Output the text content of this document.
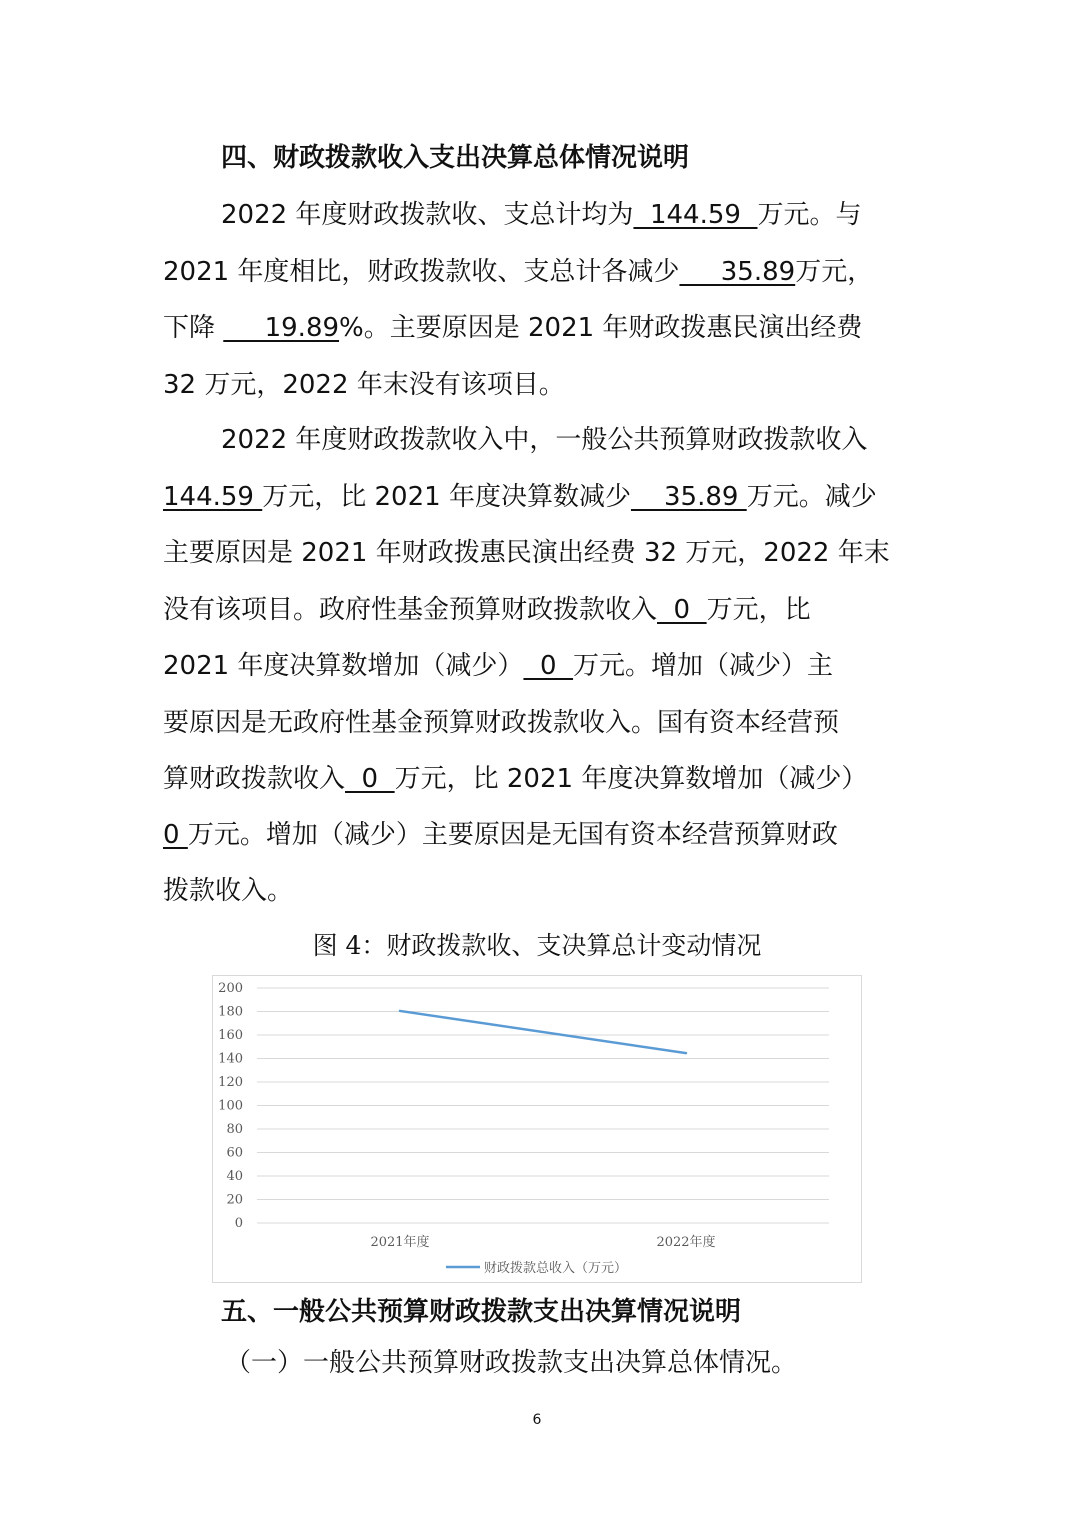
四、财政拨款收入支出决算总体情况说明
2022 年度财政拨款收、支总计均为  144.59  万元。与
2021 年度相比，财政拨款收、支总计各减少     35.89万元，
下降      19.89%。主要原因是 2021 年财政拨惠民演出经费
32 万元，2022 年末没有该项目。
2022 年度财政拨款收入中，一般公共预算财政拨款收入
144.59 万元，比 2021 年度决算数减少    35.89 万元。减少
主要原因是 2021 年财政拨惠民演出经费 32 万元，2022 年末
没有该项目。政府性基金预算财政拨款收入  0  万元，比
2021 年度决算数增加（减少）  0  万元。增加（减少）主
要原因是无政府性基金预算财政拨款收入。国有资本经营预
算财政拨款收入  0  万元，比 2021 年度决算数增加（减少）
0 万元。增加（减少）主要原因是无国有资本经营预算财政
拨款收入。
图 4：财政拨款收、支决算总计变动情况
0
20
40
60
80
100
120
140
160
180
200
2021年度	2022年度
财政拨款总收入（万元）
五、一般公共预算财政拨款支出决算情况说明
（一）一般公共预算财政拨款支出决算总体情况。
6
